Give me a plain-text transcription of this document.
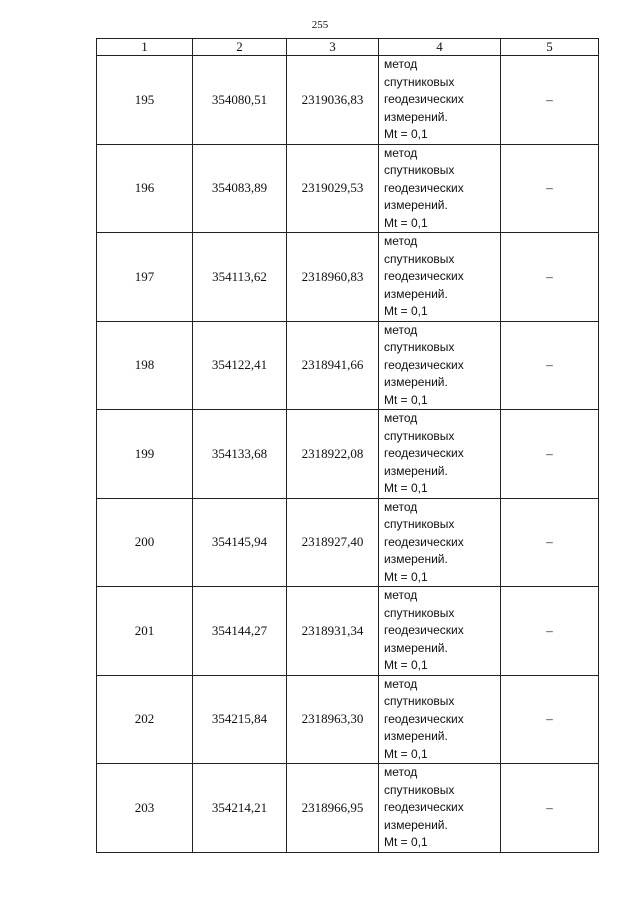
255
1	2	3	4	5
195	354080,51	2319036,83	метод
спутниковых
геодезических
измерений.
Mt = 0,1	–
196	354083,89	2319029,53	метод
спутниковых
геодезических
измерений.
Mt = 0,1	–
197	354113,62	2318960,83	метод
спутниковых
геодезических
измерений.
Mt = 0,1	–
198	354122,41	2318941,66	метод
спутниковых
геодезических
измерений.
Mt = 0,1	–
199	354133,68	2318922,08	метод
спутниковых
геодезических
измерений.
Mt = 0,1	–
200	354145,94	2318927,40	метод
спутниковых
геодезических
измерений.
Mt = 0,1	–
201	354144,27	2318931,34	метод
спутниковых
геодезических
измерений.
Mt = 0,1	–
202	354215,84	2318963,30	метод
спутниковых
геодезических
измерений.
Mt = 0,1	–
203	354214,21	2318966,95	метод
спутниковых
геодезических
измерений.
Mt = 0,1	–
